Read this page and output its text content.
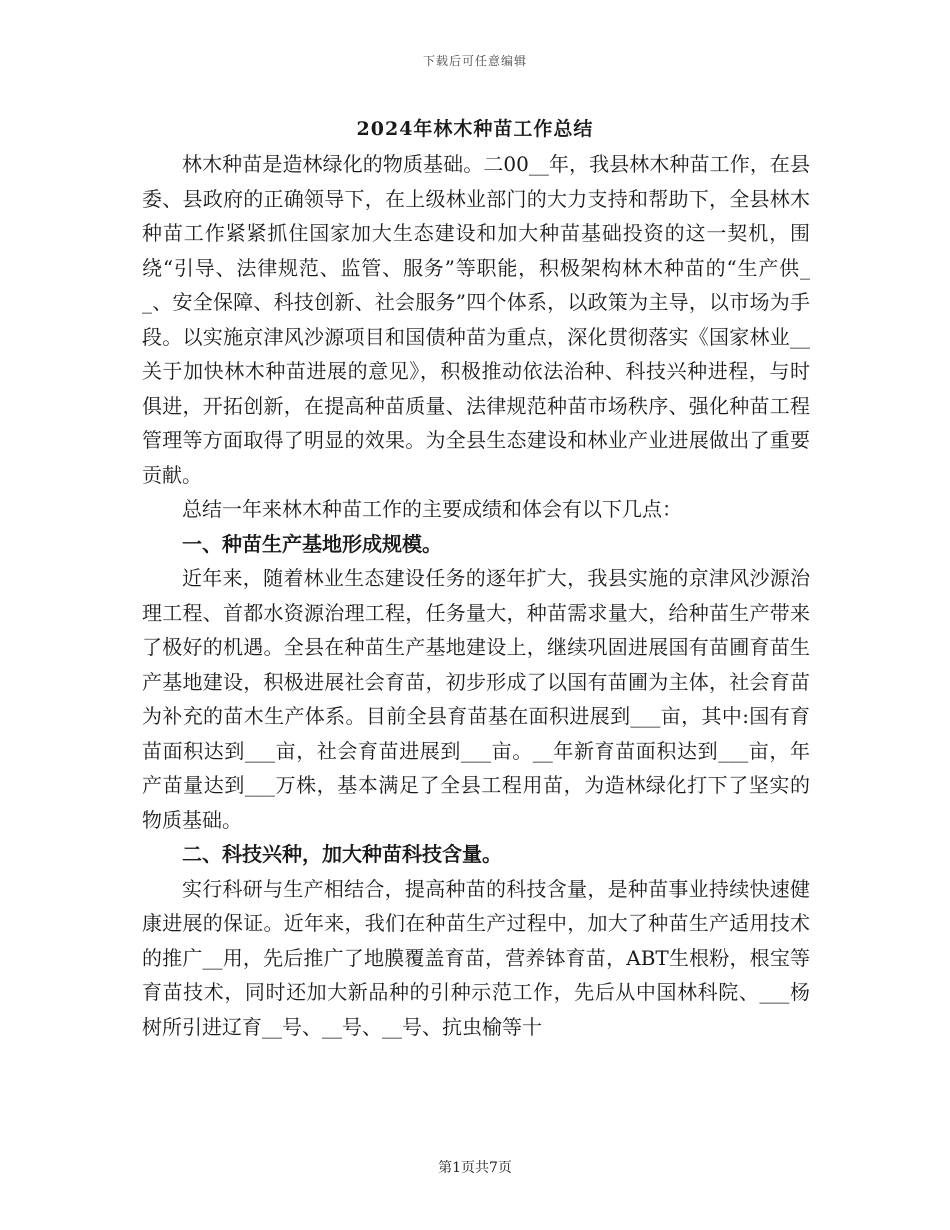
下载后可任意编辑
2024年林木种苗工作总结

林木种苗是造林绿化的物质基础。二00__年，我县林木种苗工作，在县委、县政府的正确领导下，在上级林业部门的大力支持和帮助下，全县林木种苗工作紧紧抓住国家加大生态建设和加大种苗基础投资的这一契机，围绕“引导、法律规范、监管、服务”等职能，积极架构林木种苗的“生产供__、安全保障、科技创新、社会服务”四个体系，以政策为主导，以市场为手段。以实施京津风沙源项目和国债种苗为重点，深化贯彻落实《国家林业__关于加快林木种苗进展的意见》，积极推动依法治种、科技兴种进程，与时俱进，开拓创新，在提高种苗质量、法律规范种苗市场秩序、强化种苗工程管理等方面取得了明显的效果。为全县生态建设和林业产业进展做出了重要贡献。

总结一年来林木种苗工作的主要成绩和体会有以下几点：

一、种苗生产基地形成规模。

近年来，随着林业生态建设任务的逐年扩大，我县实施的京津风沙源治理工程、首都水资源治理工程，任务量大，种苗需求量大，给种苗生产带来了极好的机遇。全县在种苗生产基地建设上，继续巩固进展国有苗圃育苗生产基地建设，积极进展社会育苗，初步形成了以国有苗圃为主体，社会育苗为补充的苗木生产体系。目前全县育苗基在面积进展到___亩，其中:国有育苗面积达到___亩，社会育苗进展到___亩。__年新育苗面积达到___亩，年产苗量达到___万株，基本满足了全县工程用苗，为造林绿化打下了坚实的物质基础。

二、科技兴种，加大种苗科技含量。

实行科研与生产相结合，提高种苗的科技含量，是种苗事业持续快速健康进展的保证。近年来，我们在种苗生产过程中，加大了种苗生产适用技术的推广__用，先后推广了地膜覆盖育苗，营养钵育苗，ABT生根粉，根宝等育苗技术，同时还加大新品种的引种示范工作，先后从中国林科院、___杨树所引进辽育__号、__号、__号、抗虫榆等十

第1页共7页
